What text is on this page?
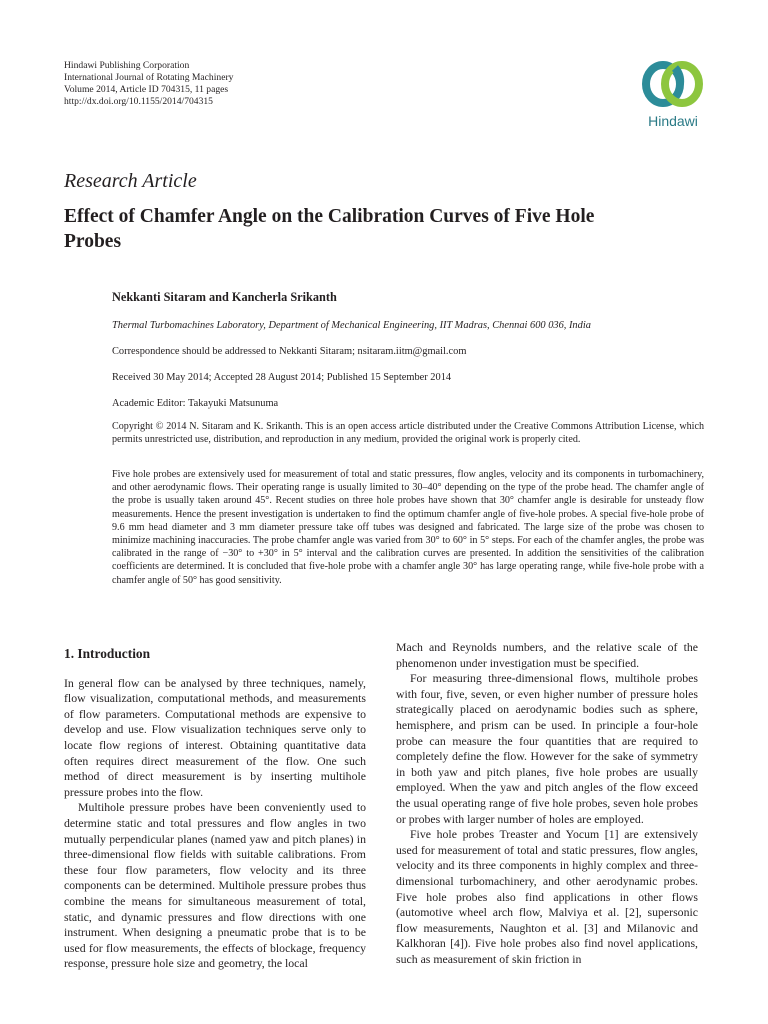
Hindawi Publishing Corporation
International Journal of Rotating Machinery
Volume 2014, Article ID 704315, 11 pages
http://dx.doi.org/10.1155/2014/704315
Hindawi
Research Article
Effect of Chamfer Angle on the Calibration Curves of Five Hole Probes
Nekkanti Sitaram and Kancherla Srikanth
Thermal Turbomachines Laboratory, Department of Mechanical Engineering, IIT Madras, Chennai 600 036, India
Correspondence should be addressed to Nekkanti Sitaram; nsitaram.iitm@gmail.com
Received 30 May 2014; Accepted 28 August 2014; Published 15 September 2014
Academic Editor: Takayuki Matsunuma
Copyright © 2014 N. Sitaram and K. Srikanth. This is an open access article distributed under the Creative Commons Attribution License, which permits unrestricted use, distribution, and reproduction in any medium, provided the original work is properly cited.
Five hole probes are extensively used for measurement of total and static pressures, flow angles, velocity and its components in turbomachinery, and other aerodynamic flows. Their operating range is usually limited to 30–40° depending on the type of the probe head. The chamfer angle of the probe is usually taken around 45°. Recent studies on three hole probes have shown that 30° chamfer angle is desirable for unsteady flow measurements. Hence the present investigation is undertaken to find the optimum chamfer angle of five-hole probes. A special five-hole probe of 9.6 mm head diameter and 3 mm diameter pressure take off tubes was designed and fabricated. The large size of the probe was chosen to minimize machining inaccuracies. The probe chamfer angle was varied from 30° to 60° in 5° steps. For each of the chamfer angles, the probe was calibrated in the range of −30° to +30° in 5° interval and the calibration curves are presented. In addition the sensitivities of the calibration coefficients are determined. It is concluded that five-hole probe with a chamfer angle 30° has large operating range, while five-hole probe with a chamfer angle of 50° has good sensitivity.
1. Introduction

In general flow can be analysed by three techniques, namely, flow visualization, computational methods, and measurements of flow parameters. Computational methods are expensive to develop and use. Flow visualization techniques serve only to locate flow regions of interest. Obtaining quantitative data often requires direct measurement of the flow. One such method of direct measurement is by inserting multihole pressure probes into the flow.

Multihole pressure probes have been conveniently used to determine static and total pressures and flow angles in two mutually perpendicular planes (named yaw and pitch planes) in three-dimensional flow fields with suitable calibrations. From these four flow parameters, flow velocity and its three components can be determined. Multihole pressure probes thus combine the means for simultaneous measurement of total, static, and dynamic pressures and flow directions with one instrument. When designing a pneumatic probe that is to be used for flow measurements, the effects of blockage, frequency response, pressure hole size and geometry, the local

Mach and Reynolds numbers, and the relative scale of the phenomenon under investigation must be specified.

For measuring three-dimensional flows, multihole probes with four, five, seven, or even higher number of pressure holes strategically placed on aerodynamic bodies such as sphere, hemisphere, and prism can be used. In principle a four-hole probe can measure the four quantities that are required to completely define the flow. However for the sake of symmetry in both yaw and pitch planes, five hole probes are usually employed. When the yaw and pitch angles of the flow exceed the usual operating range of five hole probes, seven hole probes or probes with larger number of holes are employed.

Five hole probes Treaster and Yocum [1] are extensively used for measurement of total and static pressures, flow angles, velocity and its three components in highly complex and three-dimensional turbomachinery, and other aerodynamic probes. Five hole probes also find applications in other flows (automotive wheel arch flow, Malviya et al. [2], supersonic flow measurements, Naughton et al. [3] and Milanovic and Kalkhoran [4]). Five hole probes also find novel applications, such as measurement of skin friction in
